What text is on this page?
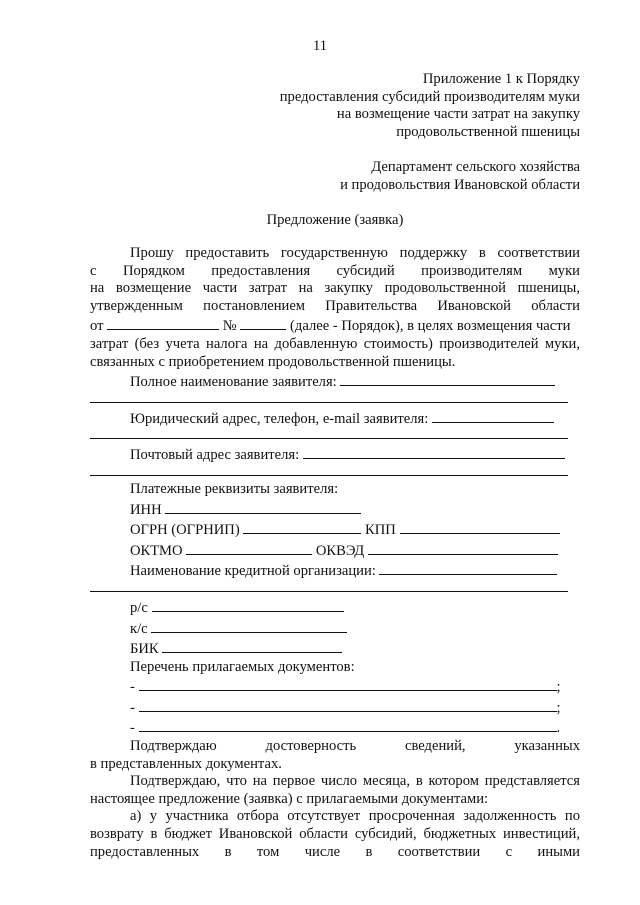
11
Приложение 1 к Порядку
предоставления субсидий производителям муки
на возмещение части затрат на закупку
продовольственной пшеницы
Департамент сельского хозяйства
и продовольствия Ивановской области
Предложение (заявка)
Прошу предоставить государственную поддержку в соответствии
с Порядком предоставления субсидий производителям муки
на возмещение части затрат на закупку продовольственной пшеницы,
утвержденным постановлением Правительства Ивановской области
от	№	(далее - Порядок), в целях возмещения части
затрат (без учета налога на добавленную стоимость) производителей муки,
связанных с приобретением продовольственной пшеницы.
Полное наименование заявителя:
Юридический адрес, телефон, e-mail заявителя:
Почтовый адрес заявителя:
Платежные реквизиты заявителя:
ИНН
ОГРН (ОГРНИП)	КПП
ОКТМО	ОКВЭД
Наименование кредитной организации:
р/с
к/с
БИК
Перечень прилагаемых документов:
-	;
-	;
-	.
Подтверждаю достоверность сведений, указанных
в представленных документах.
Подтверждаю, что на первое число месяца, в котором представляется настоящее предложение (заявка) с прилагаемыми документами:
а) у участника отбора отсутствует просроченная задолженность по возврату в бюджет Ивановской области субсидий, бюджетных инвестиций, предоставленных в том числе в соответствии с иными
